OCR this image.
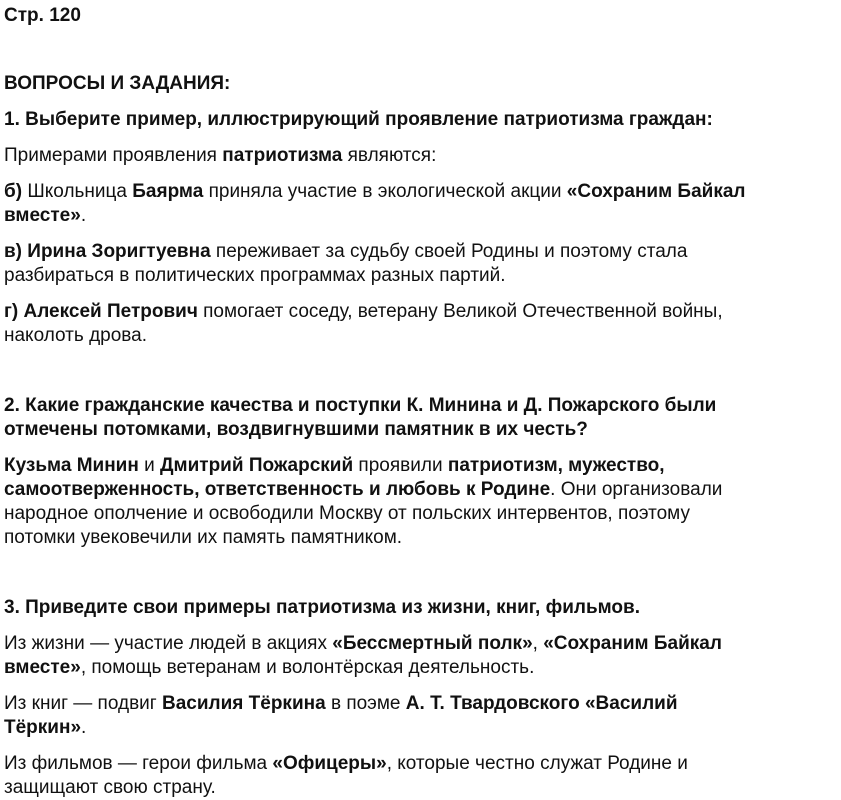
Стр. 120

ВОПРОСЫ И ЗАДАНИЯ:

1. Выберите пример, иллюстрирующий проявление патриотизма граждан:

Примерами проявления патриотизма являются:

б) Школьница Баярма приняла участие в экологической акции «Сохраним Байкал

вместе».

в) Ирина Зоригтуевна переживает за судьбу своей Родины и поэтому стала

разбираться в политических программах разных партий.

г) Алексей Петрович помогает соседу, ветерану Великой Отечественной войны,

наколоть дрова.

2. Какие гражданские качества и поступки К. Минина и Д. Пожарского были

отмечены потомками, воздвигнувшими памятник в их честь?

Кузьма Минин и Дмитрий Пожарский проявили патриотизм, мужество,

самоотверженность, ответственность и любовь к Родине. Они организовали

народное ополчение и освободили Москву от польских интервентов, поэтому

потомки увековечили их память памятником.

3. Приведите свои примеры патриотизма из жизни, книг, фильмов.

Из жизни — участие людей в акциях «Бессмертный полк», «Сохраним Байкал

вместе», помощь ветеранам и волонтёрская деятельность.

Из книг — подвиг Василия Тёркина в поэме А. Т. Твардовского «Василий

Тёркин».

Из фильмов — герои фильма «Офицеры», которые честно служат Родине и

защищают свою страну.
